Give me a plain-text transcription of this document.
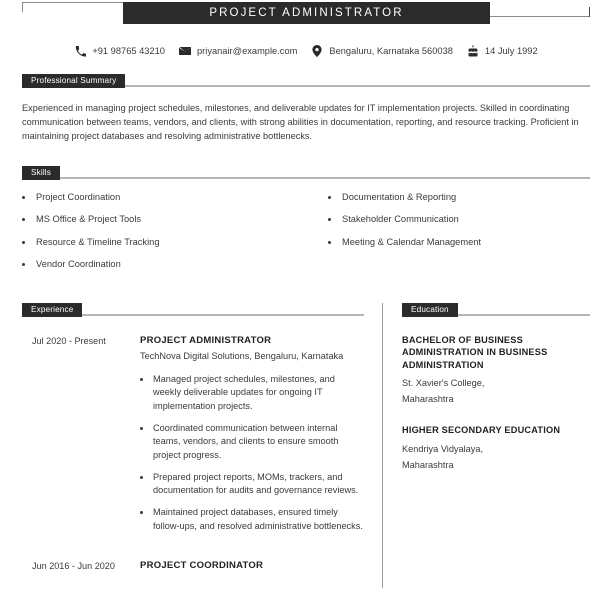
PROJECT ADMINISTRATOR
+91 98765 43210	priyanair@example.com	Bengaluru, Karnataka 560038	14 July 1992
Professional Summary
Experienced in managing project schedules, milestones, and deliverable updates for IT implementation projects. Skilled in coordinating communication between teams, vendors, and clients, with strong abilities in documentation, reporting, and resource tracking. Proficient in maintaining project databases and resolving administrative bottlenecks.
Skills
Project Coordination
MS Office & Project Tools
Resource & Timeline Tracking
Vendor Coordination
Documentation & Reporting
Stakeholder Communication
Meeting & Calendar Management
Experience
Jul 2020 - Present	PROJECT ADMINISTRATOR
TechNova Digital Solutions, Bengaluru, Karnataka
Managed project schedules, milestones, and weekly deliverable updates for ongoing IT implementation projects.
Coordinated communication between internal teams, vendors, and clients to ensure smooth project progress.
Prepared project reports, MOMs, trackers, and documentation for audits and governance reviews.
Maintained project databases, ensured timely follow-ups, and resolved administrative bottlenecks.
Jun 2016 - Jun 2020	PROJECT COORDINATOR
Education
BACHELOR OF BUSINESS ADMINISTRATION IN BUSINESS ADMINISTRATION
St. Xavier's College,
Maharashtra
HIGHER SECONDARY EDUCATION
Kendriya Vidyalaya,
Maharashtra
